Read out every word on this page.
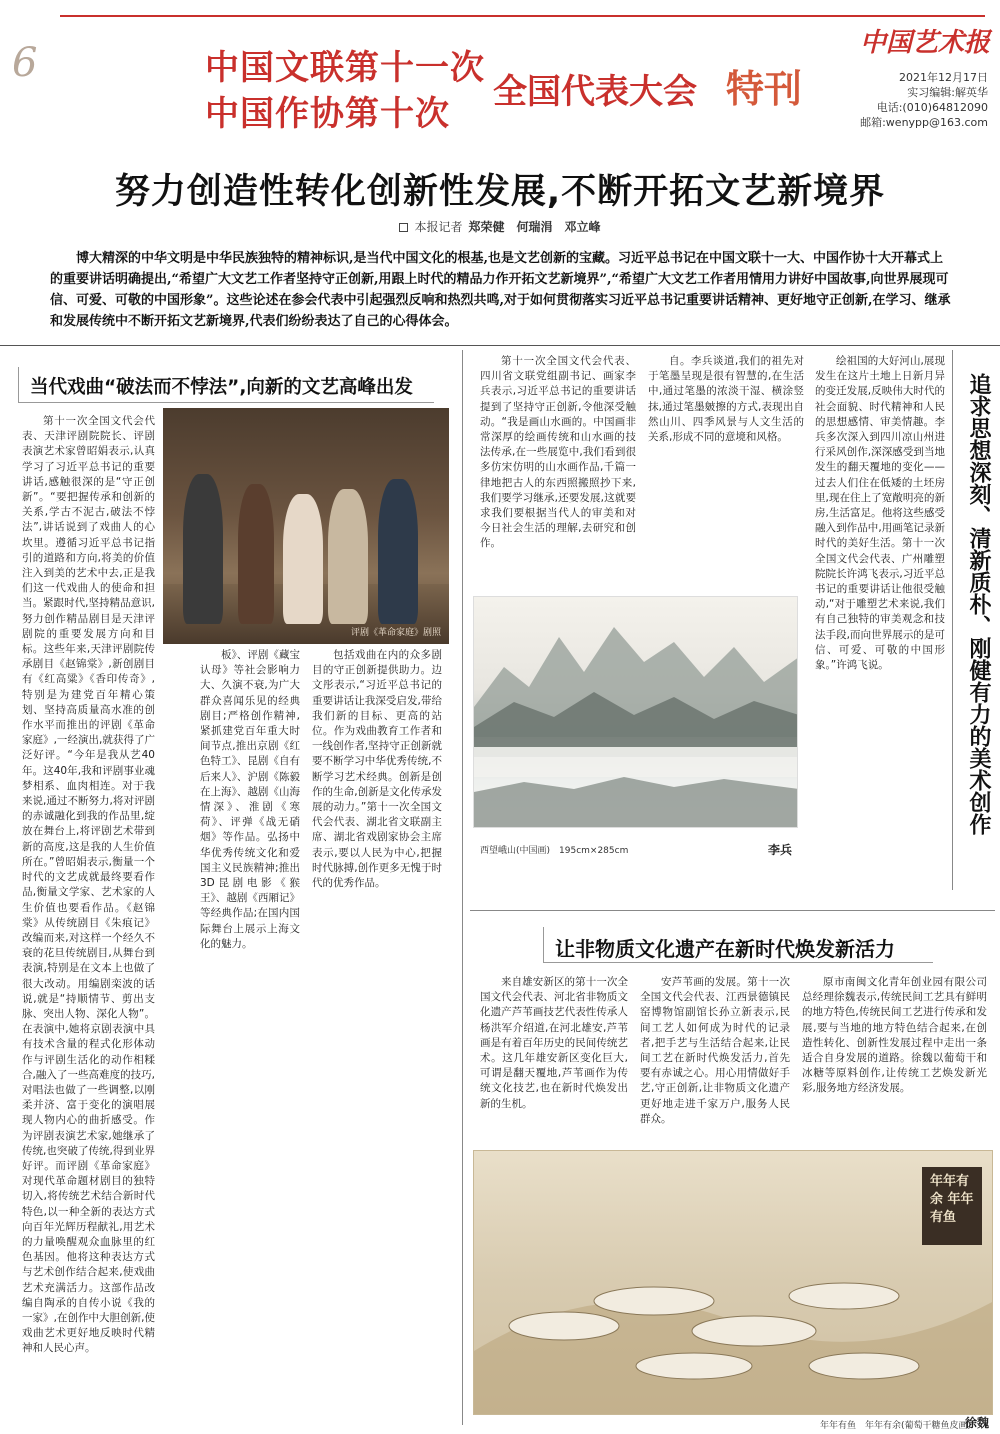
6	中国文联第十一次
中国作协第十次
全国代表大会 特刊
中国艺术报
2021年12月17日
实习编辑:解英华
电话:(010)64812090
邮箱:wenypp@163.com
努力创造性转化创新性发展,不断开拓文艺新境界
本报记者 郑荣健　何瑞涓　邓立峰
博大精深的中华文明是中华民族独特的精神标识,是当代中国文化的根基,也是文艺创新的宝藏。习近平总书记在中国文联十一大、中国作协十大开幕式上的重要讲话明确提出,“希望广大文艺工作者坚持守正创新,用跟上时代的精品力作开拓文艺新境界”,“希望广大文艺工作者用情用力讲好中国故事,向世界展现可信、可爱、可敬的中国形象”。这些论述在参会代表中引起强烈反响和热烈共鸣,对于如何贯彻落实习近平总书记重要讲话精神、更好地守正创新,在学习、继承和发展传统中不断开拓文艺新境界,代表们纷纷表达了自己的心得体会。
当代戏曲“破法而不悖法”,向新的文艺高峰出发	追求思想深刻、清新质朴、刚健有力的美术创作
让非物质文化遗产在新时代焕发新活力
评剧《革命家庭》剧照
西望峨山(中国画)　195cm×285cm	李兵
年年有余 年年有鱼
年年有鱼　年年有余(葡萄干糖鱼皮画)
徐魏

第十一次全国文代会代表、天津评剧院院长、评剧表演艺术家曾昭娟表示,认真学习了习近平总书记的重要讲话,感触很深的是“守正创新”。“要把握传承和创新的关系,学古不泥古,破法不悖法”,讲话说到了戏曲人的心坎里。遵循习近平总书记指引的道路和方向,将美的价值注入到美的艺术中去,正是我们这一代戏曲人的使命和担当。紧跟时代,坚持精品意识,努力创作精品剧目是天津评剧院的重要发展方向和目标。这些年来,天津评剧院传承剧目《赵锦棠》,新创剧目有《红高粱》《香印传奇》,特别是为建党百年精心策划、坚持高质量高水准的创作水平而推出的评剧《革命家庭》,一经演出,就获得了广泛好评。“今年是我从艺40年。这40年,我和评剧事业魂梦相系、血肉相连。对于我来说,通过不断努力,将对评剧的赤诚融化到我的作品里,绽放在舞台上,将评剧艺术带到新的高度,这是我的人生价值所在。”曾昭娟表示,衡量一个时代的文艺成就最终要看作品,衡量文学家、艺术家的人生价值也要看作品。《赵锦棠》从传统剧目《朱痕记》改编而来,对这样一个经久不衰的花旦传统剧目,从舞台到表演,特别是在文本上也做了很大改动。用编剧栾波的话说,就是“持顺情节、剪出支脉、突出人物、深化人物”。在表演中,她将京剧表演中具有技术含量的程式化形体动作与评剧生活化的动作相糅合,融入了一些高难度的技巧,对唱法也做了一些调整,以刚柔并济、富于变化的演唱展现人物内心的曲折感受。作为评剧表演艺术家,她继承了传统,也突破了传统,得到业界好评。而评剧《革命家庭》对现代革命题材剧目的独特切入,将传统艺术结合新时代特色,以一种全新的表达方式向百年光辉历程献礼,用艺术的力量唤醒观众血脉里的红色基因。他将这种表达方式与艺术创作结合起来,使戏曲艺术充满活力。这部作品改编自陶承的自传小说《我的一家》,在创作中大胆创新,使戏曲艺术更好地反映时代精神和人民心声。

板》、评剧《藏宝认母》等社会影响力大、久演不衰,为广大群众喜闻乐见的经典剧目;严格创作精神,紧抓建党百年重大时间节点,推出京剧《红色特工》、昆剧《自有后来人》、沪剧《陈毅在上海》、越剧《山海情深》、淮剧《寒荷》、评弹《战无硝烟》等作品。弘扬中华优秀传统文化和爱国主义民族精神;推出3D昆剧电影《猴王》、越剧《西厢记》等经典作品;在国内国际舞台上展示上海文化的魅力。

包括戏曲在内的众多剧目的守正创新提供助力。边文彤表示,“习近平总书记的重要讲话让我深受启发,带给我们新的目标、更高的站位。作为戏曲教育工作者和一线创作者,坚持守正创新就要不断学习中华优秀传统,不断学习艺术经典。创新是创作的生命,创新是文化传承发展的动力。”第十一次全国文代会代表、湖北省文联副主席、湖北省戏剧家协会主席表示,要以人民为中心,把握时代脉搏,创作更多无愧于时代的优秀作品。

第十一次全国文代会代表、四川省文联党组副书记、画家李兵表示,习近平总书记的重要讲话提到了坚持守正创新,令他深受触动。“我是画山水画的。中国画非常深厚的绘画传统和山水画的技法传承,在一些展览中,我们看到很多仿宋仿明的山水画作品,千篇一律地把古人的东西照搬照抄下来,我们要学习继承,还要发展,这就要求我们要根据当代人的审美和对今日社会生活的理解,去研究和创作。

自。李兵谈道,我们的祖先对于笔墨呈现是很有智慧的,在生活中,通过笔墨的浓淡干湿、横涂竖抹,通过笔墨皴擦的方式,表现出自然山川、四季风景与人文生活的关系,形成不同的意境和风格。

绘祖国的大好河山,展现发生在这片土地上日新月异的变迁发展,反映伟大时代的社会面貌、时代精神和人民的思想感情、审美情趣。李兵多次深入到四川凉山州进行采风创作,深深感受到当地发生的翻天覆地的变化——过去人们住在低矮的土坯房里,现在住上了宽敞明亮的新房,生活富足。他将这些感受融入到作品中,用画笔记录新时代的美好生活。第十一次全国文代会代表、广州雕塑院院长许鸿飞表示,习近平总书记的重要讲话让他很受触动,“对于雕塑艺术来说,我们有自己独特的审美观念和技法手段,而向世界展示的是可信、可爱、可敬的中国形象。”许鸿飞说。

来自雄安新区的第十一次全国文代会代表、河北省非物质文化遗产芦苇画技艺代表性传承人杨洪军介绍道,在河北雄安,芦苇画是有着百年历史的民间传统艺术。这几年雄安新区变化巨大,可谓是翻天覆地,芦苇画作为传统文化技艺,也在新时代焕发出新的生机。

安芦苇画的发展。第十一次全国文代会代表、江西景德镇民窑博物馆副馆长孙立新表示,民间工艺人如何成为时代的记录者,把手艺与生活结合起来,让民间工艺在新时代焕发活力,首先要有赤诚之心。用心用情做好手艺,守正创新,让非物质文化遗产更好地走进千家万户,服务人民群众。

原市南闽文化青年创业园有限公司总经理徐魏表示,传统民间工艺具有鲜明的地方特色,传统民间工艺进行传承和发展,要与当地的地方特色结合起来,在创造性转化、创新性发展过程中走出一条适合自身发展的道路。徐魏以葡萄干和冰糖等原料创作,让传统工艺焕发新光彩,服务地方经济发展。
